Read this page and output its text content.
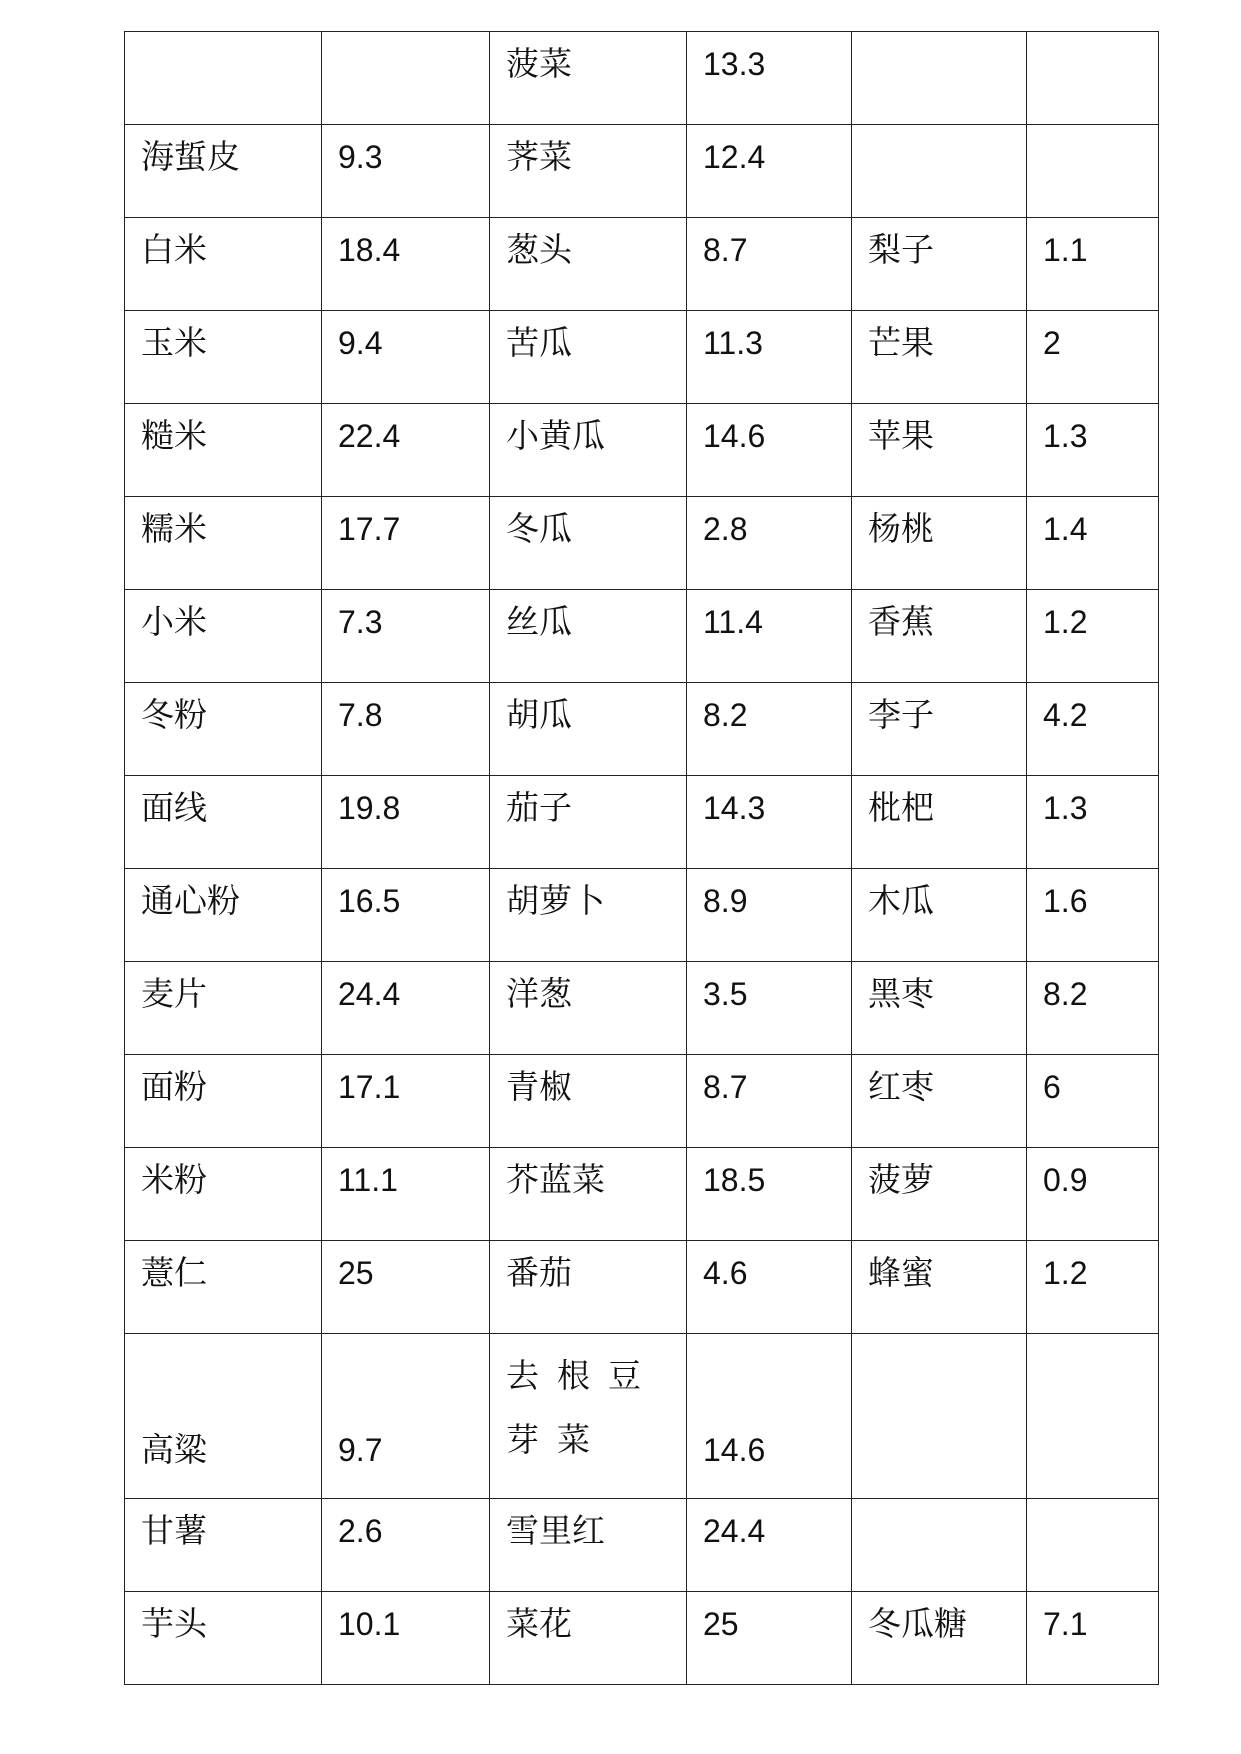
		菠菜	13.3		
海蜇皮	9.3	荠菜	12.4		
白米	18.4	葱头	8.7	梨子	1.1
玉米	9.4	苦瓜	11.3	芒果	2
糙米	22.4	小黄瓜	14.6	苹果	1.3
糯米	17.7	冬瓜	2.8	杨桃	1.4
小米	7.3	丝瓜	11.4	香蕉	1.2
冬粉	7.8	胡瓜	8.2	李子	4.2
面线	19.8	茄子	14.3	枇杷	1.3
通心粉	16.5	胡萝卜	8.9	木瓜	1.6
麦片	24.4	洋葱	3.5	黑枣	8.2
面粉	17.1	青椒	8.7	红枣	6
米粉	11.1	芥蓝菜	18.5	菠萝	0.9
薏仁	25	番茄	4.6	蜂蜜	1.2
高粱	9.7	去根豆芽菜	14.6		
甘薯	2.6	雪里红	24.4		
芋头	10.1	菜花	25	冬瓜糖	7.1
